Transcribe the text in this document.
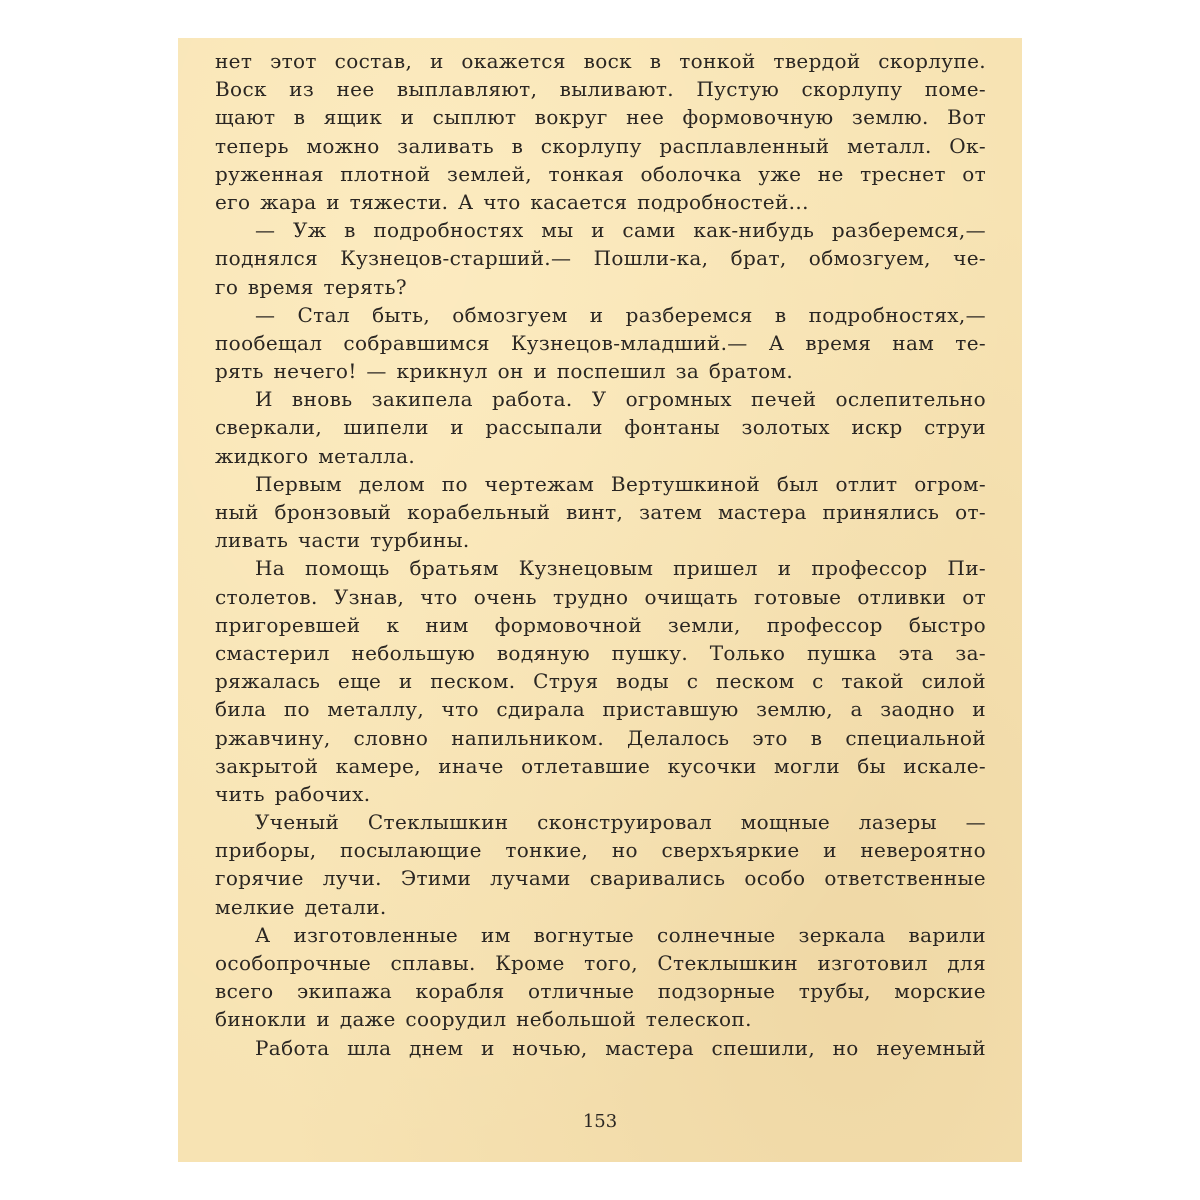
нет этот состав, и окажется воск в тонкой твердой скорлупе.
Воск из нее выплавляют, выливают. Пустую скорлупу поме-
щают в ящик и сыплют вокруг нее формовочную землю. Вот
теперь можно заливать в скорлупу расплавленный металл. Ок-
руженная плотной землей, тонкая оболочка уже не треснет от
его жара и тяжести. А что касается подробностей...
— Уж в подробностях мы и сами как-нибудь разберемся,—
поднялся Кузнецов-старший.— Пошли-ка, брат, обмозгуем, че-
го время терять?
— Стал быть, обмозгуем и разберемся в подробностях,—
пообещал собравшимся Кузнецов-младший.— А время нам те-
рять нечего! — крикнул он и поспешил за братом.
И вновь закипела работа. У огромных печей ослепительно
сверкали, шипели и рассыпали фонтаны золотых искр струи
жидкого металла.
Первым делом по чертежам Вертушкиной был отлит огром-
ный бронзовый корабельный винт, затем мастера принялись от-
ливать части турбины.
На помощь братьям Кузнецовым пришел и профессор Пи-
столетов. Узнав, что очень трудно очищать готовые отливки от
пригоревшей к ним формовочной земли, профессор быстро
смастерил небольшую водяную пушку. Только пушка эта за-
ряжалась еще и песком. Струя воды с песком с такой силой
била по металлу, что сдирала приставшую землю, а заодно и
ржавчину, словно напильником. Делалось это в специальной
закрытой камере, иначе отлетавшие кусочки могли бы искале-
чить рабочих.
Ученый Стеклышкин сконструировал мощные лазеры —
приборы, посылающие тонкие, но сверхъяркие и невероятно
горячие лучи. Этими лучами сваривались особо ответственные
мелкие детали.
А изготовленные им вогнутые солнечные зеркала варили
особопрочные сплавы. Кроме того, Стеклышкин изготовил для
всего экипажа корабля отличные подзорные трубы, морские
бинокли и даже соорудил небольшой телескоп.
Работа шла днем и ночью, мастера спешили, но неуемный
153
